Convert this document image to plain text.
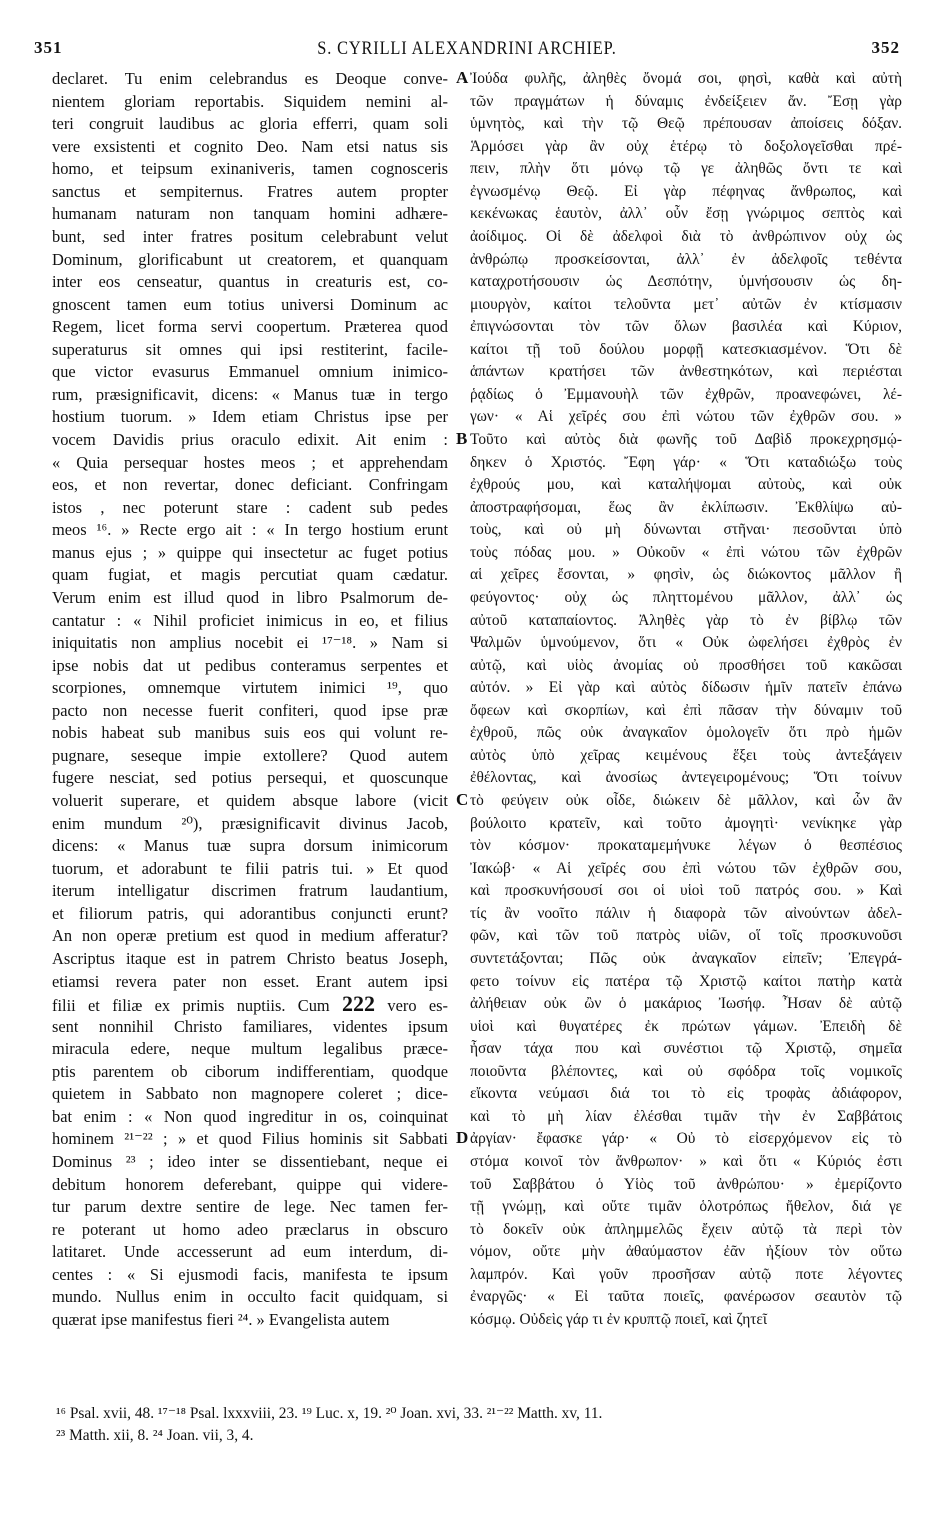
351	S. CYRILLI ALEXANDRINI ARCHIEP.	352
declaret. Tu enim celebrandus es Deoque conve-
nientem gloriam reportabis. Siquidem nemini al-
teri congruit laudibus ac gloria efferri, quam soli
vere exsistenti et cognito Deo. Nam etsi natus sis
homo, et teipsum exinaniveris, tamen cognosceris
sanctus et sempiternus. Fratres autem propter
humanam naturam non tanquam homini adhære-
bunt, sed inter fratres positum celebrabunt velut
Dominum, glorificabunt ut creatorem, et quanquam
inter eos censeatur, quantus in creaturis est, co-
gnoscent tamen eum totius universi Dominum ac
Regem, licet forma servi coopertum. Præterea quod
superaturus sit omnes qui ipsi restiterint, facile-
que victor evasurus Emmanuel omnium inimico-
rum, præsignificavit, dicens: « Manus tuæ in tergo
hostium tuorum. » Idem etiam Christus ipse per
vocem Davidis prius oraculo edixit. Ait enim :
« Quia persequar hostes meos ; et apprehendam
eos, et non revertar, donec deficiant. Confringam
istos , nec poterunt stare : cadent sub pedes
meos ¹⁶. » Recte ergo ait : « In tergo hostium erunt
manus ejus ; » quippe qui insectetur ac fuget potius
quam fugiat, et magis percutiat quam cædatur.
Verum enim est illud quod in libro Psalmorum de-
cantatur : « Nihil proficiet inimicus in eo, et filius
iniquitatis non amplius nocebit ei ¹⁷⁻¹⁸. » Nam si
ipse nobis dat ut pedibus conteramus serpentes et
scorpiones, omnemque virtutem inimici ¹⁹, quo
pacto non necesse fuerit confiteri, quod ipse præ
nobis habeat sub manibus suis eos qui volunt re-
pugnare, seseque impie extollere? Quod autem
fugere nesciat, sed potius persequi, et quoscunque
voluerit superare, et quidem absque labore (vicit
enim mundum ²⁰), præsignificavit divinus Jacob,
dicens: « Manus tuæ supra dorsum inimicorum
tuorum, et adorabunt te filii patris tui. » Et quod
iterum intelligatur discrimen fratrum laudantium,
et filiorum patris, qui adorantibus conjuncti erunt?
An non operæ pretium est quod in medium afferatur?
Ascriptus itaque est in patrem Christo beatus Joseph,
etiamsi revera pater non esset. Erant autem ipsi
filii et filiæ ex primis nuptiis. Cum 222 vero es-
sent nonnihil Christo familiares, videntes ipsum
miracula edere, neque multum legalibus præce-
ptis parentem ob ciborum indifferentiam, quodque
quietem in Sabbato non magnopere coleret ; dice-
bat enim : « Non quod ingreditur in os, coinquinat
hominem ²¹⁻²² ; » et quod Filius hominis sit Sabbati
Dominus ²³ ; ideo inter se dissentiebant, neque ei
debitum honorem deferebant, quippe qui videre-
tur parum dextre sentire de lege. Nec tamen fer-
re poterant ut homo adeo præclarus in obscuro
latitaret. Unde accesserunt ad eum interdum, di-
centes : « Si ejusmodi facis, manifesta te ipsum
mundo. Nullus enim in occulto facit quidquam, si
quærat ipse manifestus fieri ²⁴. » Evangelista autem
Ἰούδα φυλῆς, ἀληθὲς ὄνομά σοι, φησὶ, καθὰ καὶ αὐτὴ
τῶν πραγμάτων ἡ δύναμις ἐνδείξειεν ἄν. Ἔσῃ γὰρ
ὑμνητὸς, καὶ τὴν τῷ Θεῷ πρέπουσαν ἀποίσεις δόξαν.
Ἁρμόσει γὰρ ἂν οὐχ ἑτέρῳ τὸ δοξολογεῖσθαι πρέ-
πειν, πλὴν ὅτι μόνῳ τῷ γε ἀληθῶς ὄντι τε καὶ
ἐγνωσμένῳ Θεῷ. Εἰ γὰρ πέφηνας ἄνθρωπος, καὶ
κεκένωκας ἑαυτὸν, ἀλλ᾽ οὖν ἔσῃ γνώριμος σεπτὸς καὶ
ἀοίδιμος. Οἱ δὲ ἀδελφοὶ διὰ τὸ ἀνθρώπινον οὐχ ὡς
ἀνθρώπῳ προσκείσονται, ἀλλ᾽ ἐν ἀδελφοῖς τεθέντα
καταχροτήσουσιν ὡς Δεσπότην, ὑμνήσουσιν ὡς δη-
μιουργὸν, καίτοι τελοῦντα μετ᾽ αὐτῶν ἐν κτίσμασιν
ἐπιγνώσονται τὸν τῶν ὅλων βασιλέα καὶ Κύριον,
καίτοι τῇ τοῦ δούλου μορφῇ κατεσκιασμένον. Ὅτι δὲ
ἁπάντων κρατήσει τῶν ἀνθεστηκότων, καὶ περιέσται
ῥᾳδίως ὁ Ἐμμανουὴλ τῶν ἐχθρῶν, προανεφώνει, λέ-
γων· « Αἱ χεῖρές σου ἐπὶ νώτου τῶν ἐχθρῶν σου. »
Τοῦτο καὶ αὐτὸς διὰ φωνῆς τοῦ Δαβὶδ προκεχρησμῴ-
δηκεν ὁ Χριστός. Ἔφη γάρ· « Ὅτι καταδιώξω τοὺς
ἐχθρούς μου, καὶ καταλήψομαι αὐτοὺς, καὶ οὐκ
ἀποστραφήσομαι, ἕως ἂν ἐκλίπωσιν. Ἐκθλίψω αὐ-
τοὺς, καὶ οὐ μὴ δύνωνται στῆναι· πεσοῦνται ὑπὸ
τοὺς πόδας μου. » Οὐκοῦν « ἐπὶ νώτου τῶν ἐχθρῶν
αἱ χεῖρες ἔσονται, » φησὶν, ὡς διώκοντος μᾶλλον ἢ
φεύγοντος· οὐχ ὡς πληττομένου μᾶλλον, ἀλλ᾽ ὡς
αὐτοῦ καταπαίοντος. Ἀληθὲς γὰρ τὸ ἐν βίβλῳ τῶν
Ψαλμῶν ὑμνούμενον, ὅτι « Οὐκ ὠφελήσει ἐχθρὸς ἐν
αὐτῷ, καὶ υἱὸς ἀνομίας οὐ προσθήσει τοῦ κακῶσαι
αὐτόν. » Εἰ γὰρ καὶ αὐτὸς δίδωσιν ἡμῖν πατεῖν ἐπάνω
ὄφεων καὶ σκορπίων, καὶ ἐπὶ πᾶσαν τὴν δύναμιν τοῦ
ἐχθροῦ, πῶς οὐκ ἀναγκαῖον ὁμολογεῖν ὅτι πρὸ ἡμῶν
αὐτὸς ὑπὸ χεῖρας κειμένους ἕξει τοὺς ἀντεξάγειν
ἐθέλοντας, καὶ ἀνοσίως ἀντεγειρομένους; Ὅτι τοίνυν
τὸ φεύγειν οὐκ οἶδε, διώκειν δὲ μᾶλλον, καὶ ὧν ἂν
βούλοιτο κρατεῖν, καὶ τοῦτο ἀμογητὶ· νενίκηκε γὰρ
τὸν κόσμον· προκαταμεμήνυκε λέγων ὁ θεσπέσιος
Ἰακώβ· « Αἱ χεῖρές σου ἐπὶ νώτου τῶν ἐχθρῶν σου,
καὶ προσκυνήσουσί σοι οἱ υἱοὶ τοῦ πατρός σου. » Καὶ
τίς ἂν νοοῖτο πάλιν ἡ διαφορὰ τῶν αἰνούντων ἀδελ-
φῶν, καὶ τῶν τοῦ πατρὸς υἱῶν, οἵ τοῖς προσκυνοῦσι
συντετάξονται; Πῶς οὐκ ἀναγκαῖον εἰπεῖν; Ἐπεγρά-
φετο τοίνυν εἰς πατέρα τῷ Χριστῷ καίτοι πατὴρ κατὰ
ἀλήθειαν οὐκ ὢν ὁ μακάριος Ἰωσήφ. Ἦσαν δὲ αὐτῷ
υἱοὶ καὶ θυγατέρες ἐκ πρώτων γάμων. Ἐπειδὴ δὲ
ἦσαν τάχα που καὶ συνέστιοι τῷ Χριστῷ, σημεῖα
ποιοῦντα βλέποντες, καὶ οὐ σφόδρα τοῖς νομικοῖς
εἴκοντα νεύμασι διά τοι τὸ εἰς τροφὰς ἀδιάφορον,
καὶ τὸ μὴ λίαν ἐλέσθαι τιμᾶν τὴν ἐν Σαββάτοις
ἀργίαν· ἔφασκε γάρ· « Οὐ τὸ εἰσερχόμενον εἰς τὸ
στόμα κοινοῖ τὸν ἄνθρωπον· » καὶ ὅτι « Κύριός ἐστι
τοῦ Σαββάτου ὁ Υἱὸς τοῦ ἀνθρώπου· » ἐμερίζοντο
τῇ γνώμῃ, καὶ οὔτε τιμᾶν ὁλοτρόπως ἤθελον, διά γε
τὸ δοκεῖν οὐκ ἀπλημμελῶς ἔχειν αὐτῷ τὰ περὶ τὸν
νόμον, οὔτε μὴν ἀθαύμαστον ἐᾶν ἠξίουν τὸν οὕτω
λαμπρόν. Καὶ γοῦν προσῆσαν αὐτῷ ποτε λέγοντες
ἐναργῶς· « Εἰ ταῦτα ποιεῖς, φανέρωσον σεαυτὸν τῷ
κόσμῳ. Οὐδεὶς γάρ τι ἐν κρυπτῷ ποιεῖ, καὶ ζητεῖ
A
B
C
D
¹⁶ Psal. xvii, 48. ¹⁷⁻¹⁸ Psal. lxxxviii, 23. ¹⁹ Luc. x, 19. ²⁰ Joan. xvi, 33. ²¹⁻²² Matth. xv, 11.
²³ Matth. xii, 8. ²⁴ Joan. vii, 3, 4.
